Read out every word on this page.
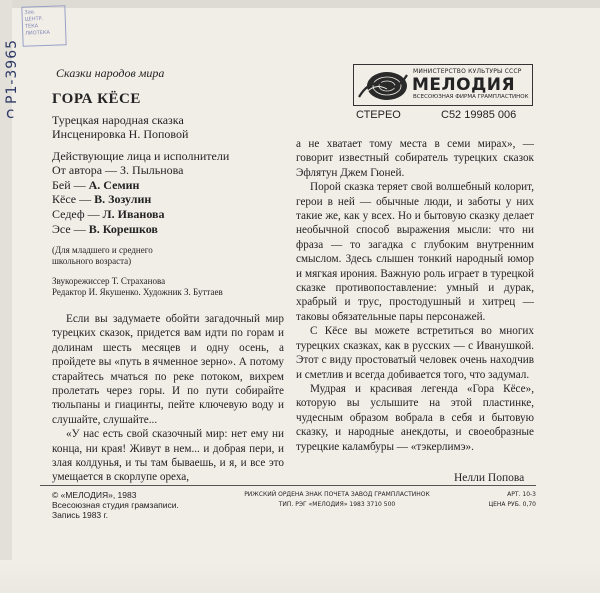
Р1-3965
с
Зав.
ЦЕНТР.
ТЕКА
ЛИОТЕКА
Сказки народов мира	МИНИСТЕРСТВО КУЛЬТУРЫ СССР
МЕЛОДИЯ
ВСЕСОЮЗНАЯ ФИРМА ГРАМПЛАСТИНОК
ГОРА КЁСЕ
Турецкая народная сказка
Инсценировка Н. Поповой
СТЕРЕО	С52 19985 006
Действующие лица и исполнители
От автора — З. Пыльнова
Бей — А. Семин
Кёсе — В. Зозулин
Седеф — Л. Иванова
Эсе — В. Корешков
(Для младшего и среднего
школьного возраста)
Звукорежиссер Т. Страханова
Редактор И. Якушенко. Художник З. Буттаев

Если вы задумаете обойти загадочный мир турецких сказок, придется вам идти по горам и долинам шесть месяцев и одну осень, а пройдете вы «путь в ячменное зерно». А потому старайтесь мчаться по реке потоком, вихрем пролетать через горы. И по пути собирайте тюльпаны и гиацинты, пейте ключевую воду и слушайте, слушайте...

«У нас есть свой сказочный мир: нет ему ни конца, ни края! Живут в нем... и добрая пери, и злая колдунья, и ты там бываешь, и я, и все это умещается в скорлупе ореха,

а не хватает тому места в семи мирах», — говорит известный собиратель турецких сказок Эфлятун Джем Гюней.

Порой сказка теряет свой волшебный колорит, герои в ней — обычные люди, и заботы у них такие же, как у всех. Но и бытовую сказку делает необычной способ выражения мысли: что ни фраза — то загадка с глубоким внутренним смыслом. Здесь слышен тонкий народный юмор и мягкая ирония. Важную роль играет в турецкой сказке противопоставление: умный и дурак, храбрый и трус, простодушный и хитрец — таковы обязательные пары персонажей.

С Кёсе вы можете встретиться во многих турецких сказках, как в русских — с Иванушкой. Этот с виду простоватый человек очень находчив и сметлив и всегда добивается того, что задумал.

Мудрая и красивая легенда «Гора Кёсе», которую вы услышите на этой пластинке, чудесным образом вобрала в себя и бытовую сказку, и народные анекдоты, и своеобразные турецкие каламбуры — «тэкерлимэ».

Нелли Попова
© «МЕЛОДИЯ», 1983
Всесоюзная студия грамзаписи.
Запись 1983 г.
РИЖСКИЙ ОРДЕНА ЗНАК ПОЧЕТА ЗАВОД ГРАМПЛАСТИНОК
ТИП. РЭГ «МЕЛОДИЯ» 1983 3710 500
АРТ. 10-3
ЦЕНА РУБ. 0,70
